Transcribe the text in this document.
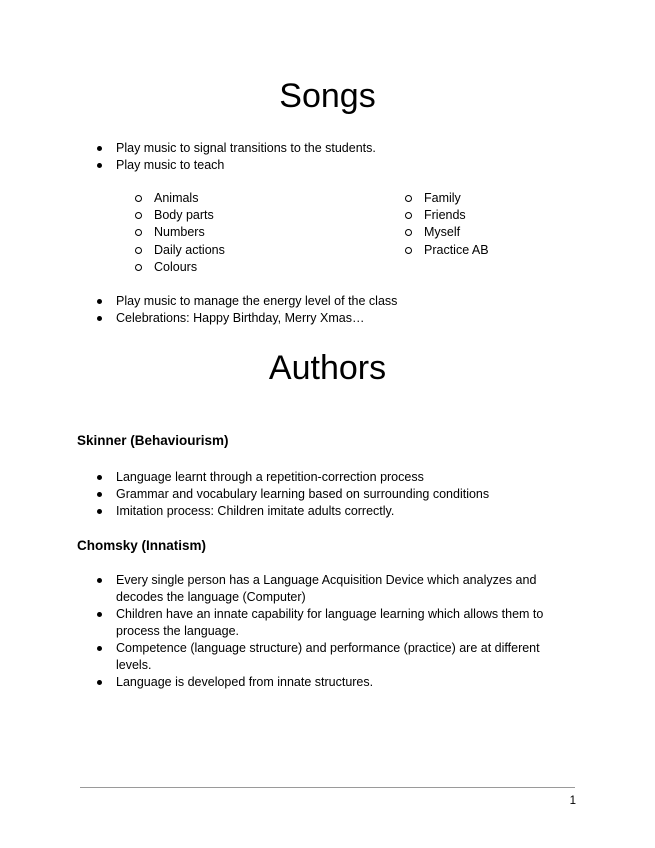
Songs
Play music to signal transitions to the students.
Play music to teach
Animals
Body parts
Numbers
Daily actions
Colours
Family
Friends
Myself
Practice AB
Play music to manage the energy level of the class
Celebrations: Happy Birthday, Merry Xmas…
Authors
Skinner (Behaviourism)
Language learnt through a repetition-correction process
Grammar and vocabulary learning based on surrounding conditions
Imitation process: Children imitate adults correctly.
Chomsky (Innatism)
Every single person has a Language Acquisition Device which analyzes and decodes the language (Computer)
Children have an innate capability for language learning which allows them to process the language.
Competence (language structure) and performance (practice) are at different levels.
Language is developed from innate structures.
1
